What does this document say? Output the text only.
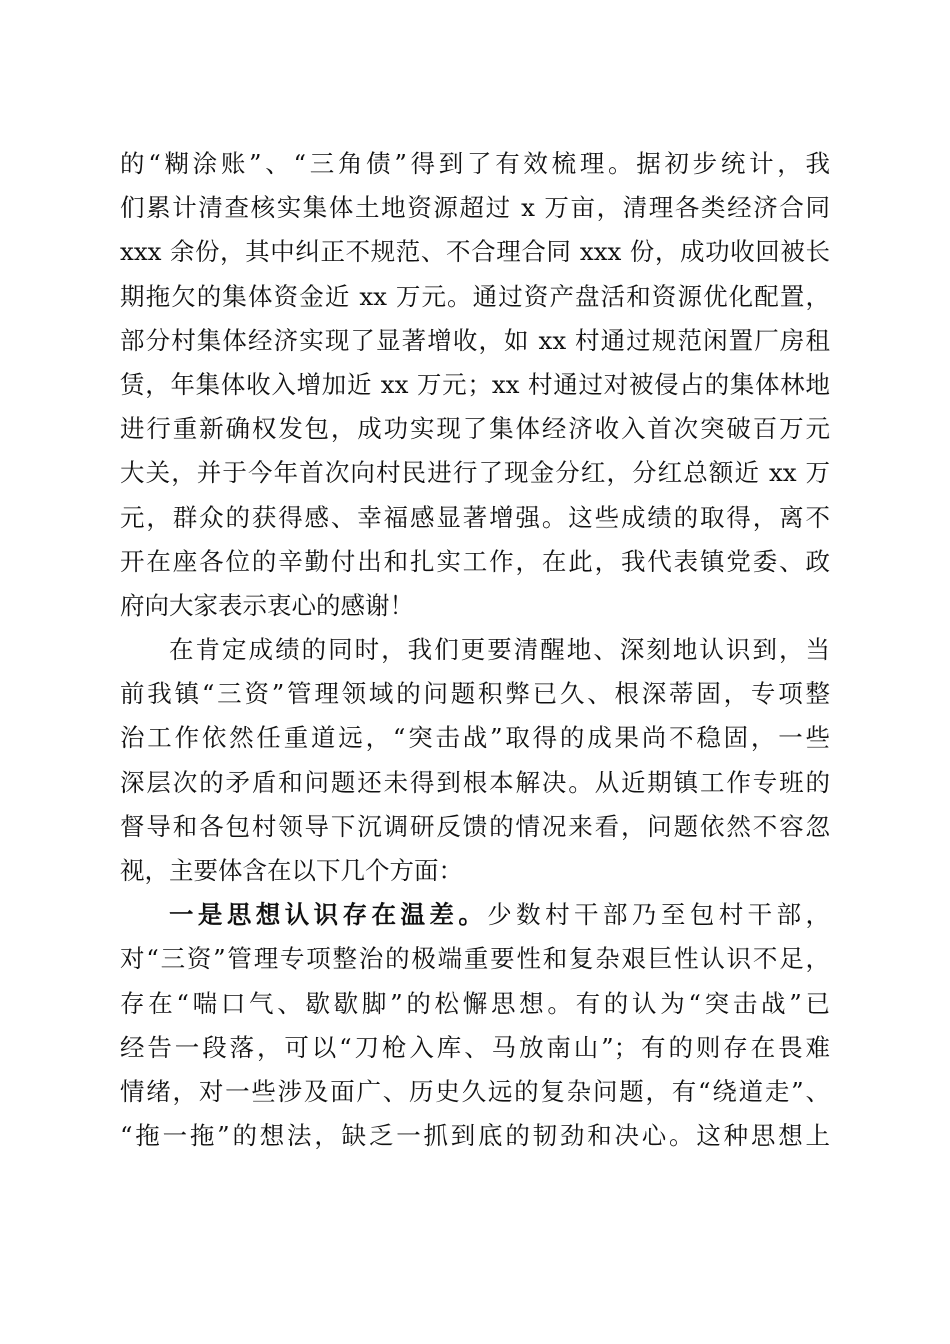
的“糊涂账”、“三角债”得到了有效梳理。据初步统计，我
们累计清查核实集体土地资源超过 x 万亩，清理各类经济合同
xxx 余份，其中纠正不规范、不合理合同 xxx 份，成功收回被长
期拖欠的集体资金近 xx 万元。通过资产盘活和资源优化配置，
部分村集体经济实现了显著增收，如 xx 村通过规范闲置厂房租
赁，年集体收入增加近 xx 万元；xx 村通过对被侵占的集体林地
进行重新确权发包，成功实现了集体经济收入首次突破百万元
大关，并于今年首次向村民进行了现金分红，分红总额近 xx 万
元，群众的获得感、幸福感显著增强。这些成绩的取得，离不
开在座各位的辛勤付出和扎实工作，在此，我代表镇党委、政
府向大家表示衷心的感谢！
在肯定成绩的同时，我们更要清醒地、深刻地认识到，当
前我镇“三资”管理领域的问题积弊已久、根深蒂固，专项整
治工作依然任重道远，“突击战”取得的成果尚不稳固，一些
深层次的矛盾和问题还未得到根本解决。从近期镇工作专班的
督导和各包村领导下沉调研反馈的情况来看，问题依然不容忽
视，主要体含在以下几个方面：
一是思想认识存在温差。少数村干部乃至包村干部，
对“三资”管理专项整治的极端重要性和复杂艰巨性认识不足，
存在“喘口气、歇歇脚”的松懈思想。有的认为“突击战”已
经告一段落，可以“刀枪入库、马放南山”；有的则存在畏难
情绪，对一些涉及面广、历史久远的复杂问题，有“绕道走”、
“拖一拖”的想法，缺乏一抓到底的韧劲和决心。这种思想上
